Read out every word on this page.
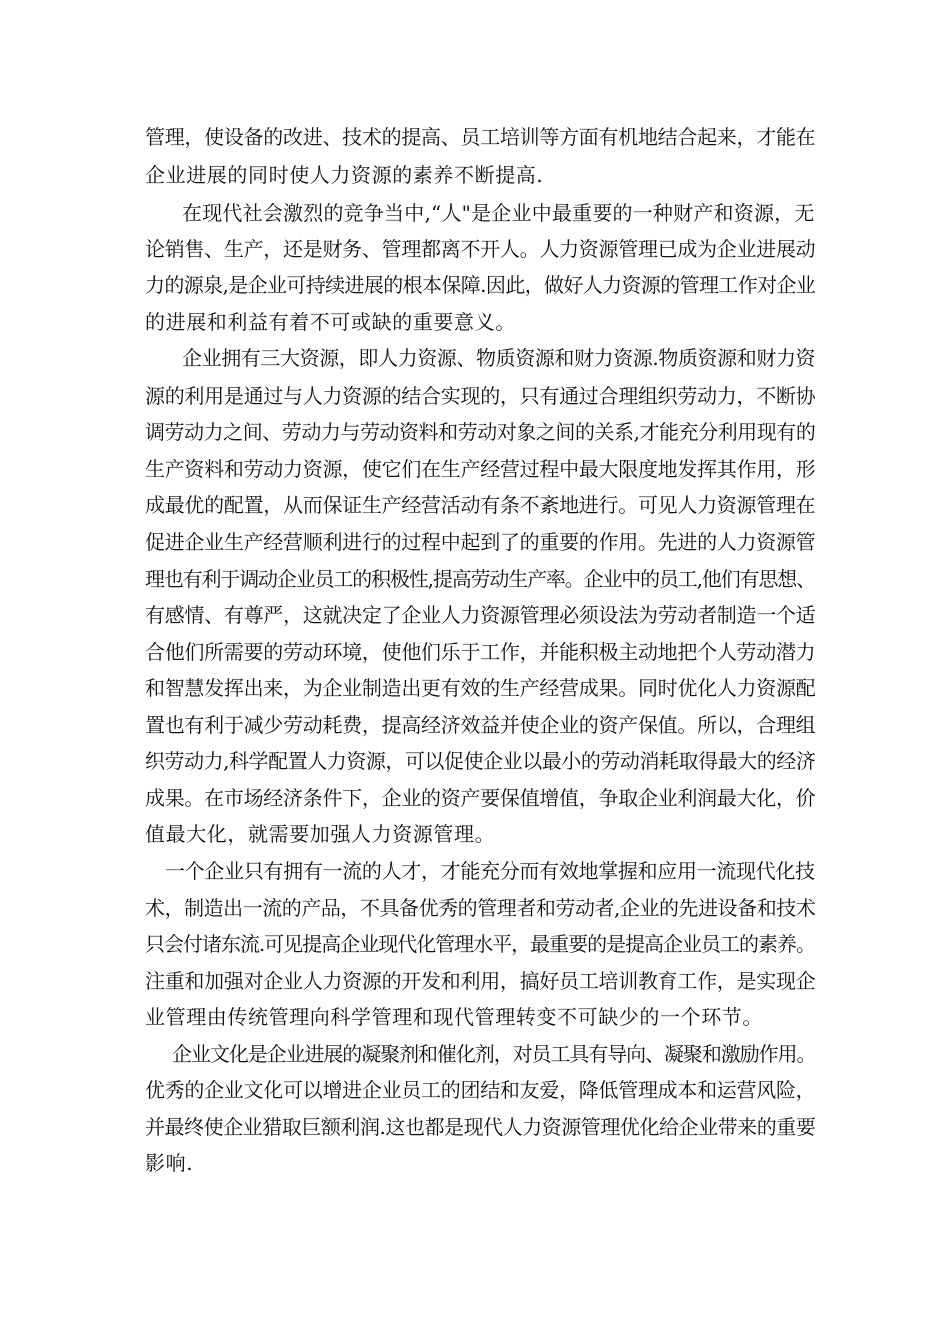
管理，使设备的改进、技术的提高、员工培训等方面有机地结合起来，才能在
企业进展的同时使人力资源的素养不断提高.
在现代社会激烈的竞争当中,“人"是企业中最重要的一种财产和资源，无
论销售、生产，还是财务、管理都离不开人。人力资源管理已成为企业进展动
力的源泉,是企业可持续进展的根本保障.因此，做好人力资源的管理工作对企业
的进展和利益有着不可或缺的重要意义。
企业拥有三大资源，即人力资源、物质资源和财力资源.物质资源和财力资
源的利用是通过与人力资源的结合实现的，只有通过合理组织劳动力，不断协
调劳动力之间、劳动力与劳动资料和劳动对象之间的关系,才能充分利用现有的
生产资料和劳动力资源，使它们在生产经营过程中最大限度地发挥其作用，形
成最优的配置，从而保证生产经营活动有条不紊地进行。可见人力资源管理在
促进企业生产经营顺利进行的过程中起到了的重要的作用。先进的人力资源管
理也有利于调动企业员工的积极性,提高劳动生产率。企业中的员工,他们有思想、
有感情、有尊严，这就决定了企业人力资源管理必须设法为劳动者制造一个适
合他们所需要的劳动环境，使他们乐于工作，并能积极主动地把个人劳动潜力
和智慧发挥出来，为企业制造出更有效的生产经营成果。同时优化人力资源配
置也有利于减少劳动耗费，提高经济效益并使企业的资产保值。所以，合理组
织劳动力,科学配置人力资源，可以促使企业以最小的劳动消耗取得最大的经济
成果。在市场经济条件下，企业的资产要保值增值，争取企业利润最大化，价
值最大化，就需要加强人力资源管理。
一个企业只有拥有一流的人才，才能充分而有效地掌握和应用一流现代化技
术，制造出一流的产品，不具备优秀的管理者和劳动者,企业的先进设备和技术
只会付诸东流.可见提高企业现代化管理水平，最重要的是提高企业员工的素养。
注重和加强对企业人力资源的开发和利用，搞好员工培训教育工作，是实现企
业管理由传统管理向科学管理和现代管理转变不可缺少的一个环节。
企业文化是企业进展的凝聚剂和催化剂，对员工具有导向、凝聚和激励作用。
优秀的企业文化可以增进企业员工的团结和友爱，降低管理成本和运营风险，
并最终使企业猎取巨额利润.这也都是现代人力资源管理优化给企业带来的重要
影响.
